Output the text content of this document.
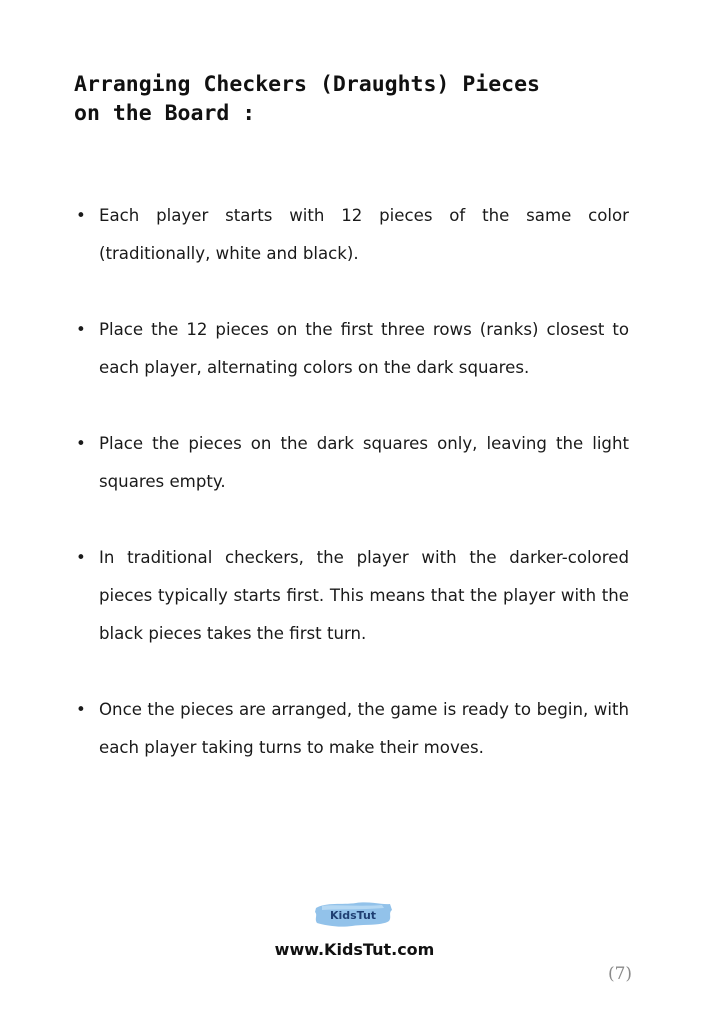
Arranging Checkers (Draughts) Pieces
on the Board :
• Each player starts with 12 pieces of the same color (traditionally, white and black).
• Place the 12 pieces on the first three rows (ranks) closest to each player, alternating colors on the dark squares.
• Place the pieces on the dark squares only, leaving the light squares empty.
• In traditional checkers, the player with the darker-colored pieces typically starts first. This means that the player with the black pieces takes the first turn.
• Once the pieces are arranged, the game is ready to begin, with each player taking turns to make their moves.
KidsTut

www.KidsTut.com

(7)
